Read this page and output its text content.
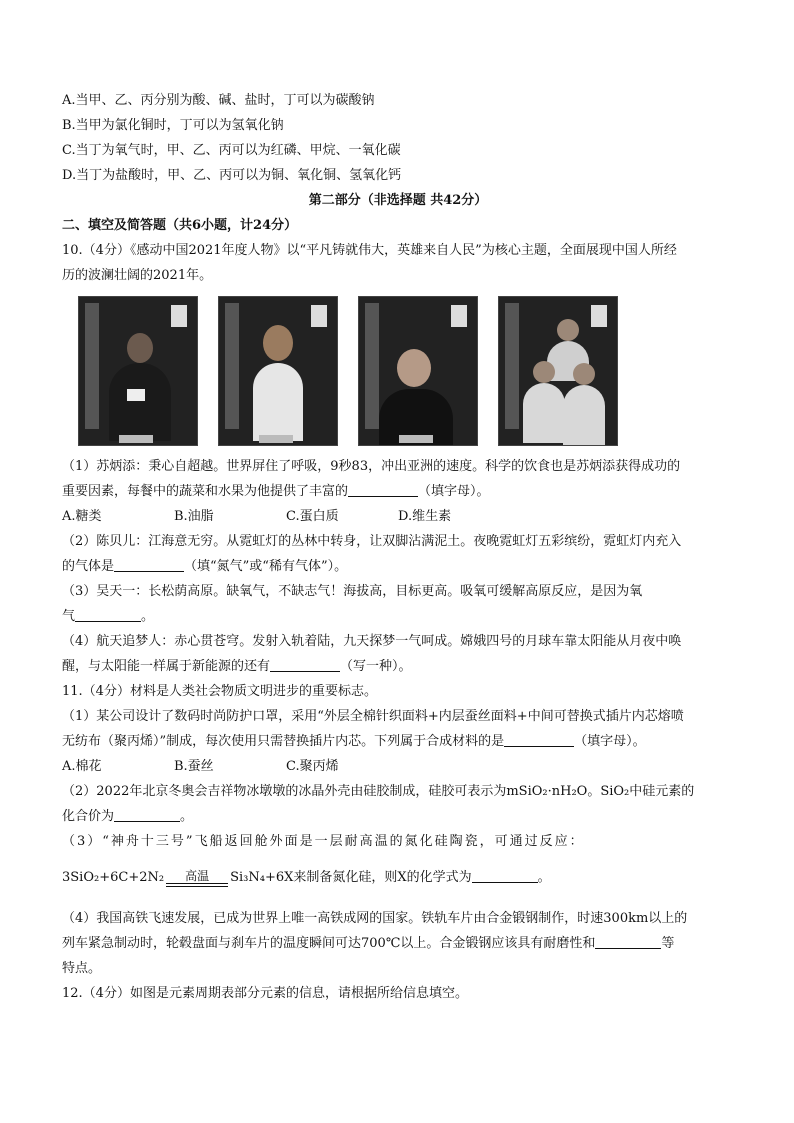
A.当甲、乙、丙分别为酸、碱、盐时，丁可以为碳酸钠
B.当甲为氯化铜时，丁可以为氢氧化钠
C.当丁为氧气时，甲、乙、丙可以为红磷、甲烷、一氧化碳
D.当丁为盐酸时，甲、乙、丙可以为铜、氧化铜、氢氧化钙
第二部分（非选择题 共42分）
二、填空及简答题（共6小题，计24分）
10.（4分）《感动中国2021年度人物》以“平凡铸就伟大，英雄来自人民”为核心主题，全面展现中国人所经
历的波澜壮阔的2021年。
（1）苏炳添：秉心自超越。世界屏住了呼吸，9秒83，冲出亚洲的速度。科学的饮食也是苏炳添获得成功的
重要因素，每餐中的蔬菜和水果为他提供了丰富的	（填字母）。
A.糖类	B.油脂	C.蛋白质	D.维生素
（2）陈贝儿：江海意无穷。从霓虹灯的丛林中转身，让双脚沾满泥土。夜晚霓虹灯五彩缤纷，霓虹灯内充入
的气体是	（填“氮气”或“稀有气体”）。
（3）吴天一：长松荫高原。缺氧气，不缺志气！海拔高，目标更高。吸氧可缓解高原反应，是因为氧
气	。
（4）航天追梦人：赤心贯苍穹。发射入轨着陆，九天探梦一气呵成。嫦娥四号的月球车靠太阳能从月夜中唤
醒，与太阳能一样属于新能源的还有	（写一种）。
11.（4分）材料是人类社会物质文明进步的重要标志。
（1）某公司设计了数码时尚防护口罩，采用“外层全棉针织面料+内层蚕丝面料+中间可替换式插片内芯熔喷
无纺布（聚丙烯）”制成，每次使用只需替换插片内芯。下列属于合成材料的是	（填字母）。
A.棉花	B.蚕丝	C.聚丙烯
（2）2022年北京冬奥会吉祥物冰墩墩的冰晶外壳由硅胶制成，硅胶可表示为mSiO₂·nH₂O。SiO₂中硅元素的
化合价为	。
（3）“神舟十三号”飞船返回舱外面是一层耐高温的氮化硅陶瓷，可通过反应：
3SiO₂+6C+2N₂	高温	Si₃N₄+6X来制备氮化硅，则X的化学式为	。
（4）我国高铁飞速发展，已成为世界上唯一高铁成网的国家。铁轨车片由合金锻钢制作，时速300km以上的
列车紧急制动时，轮毂盘面与刹车片的温度瞬间可达700℃以上。合金锻钢应该具有耐磨性和	等
特点。
12.（4分）如图是元素周期表部分元素的信息，请根据所给信息填空。
